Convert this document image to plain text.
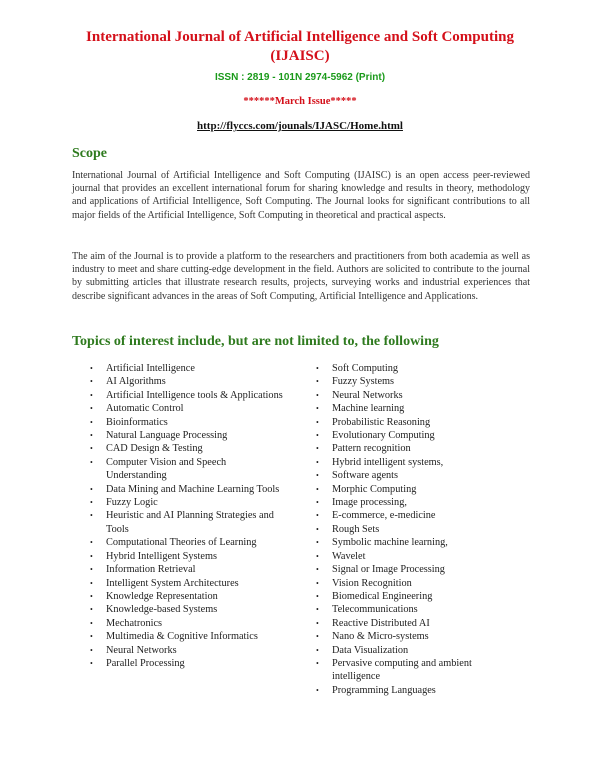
International Journal of Artificial Intelligence and Soft Computing (IJAISC)
ISSN : 2819 - 101N 2974-5962 (Print)
******March Issue*****
http://flyccs.com/jounals/IJASC/Home.html
Scope

International Journal of Artificial Intelligence and Soft Computing (IJAISC) is an open access peer-reviewed journal that provides an excellent international forum for sharing knowledge and results in theory, methodology and applications of Artificial Intelligence, Soft Computing. The Journal looks for significant contributions to all major fields of the Artificial Intelligence, Soft Computing in theoretical and practical aspects.

The aim of the Journal is to provide a platform to the researchers and practitioners from both academia as well as industry to meet and share cutting-edge development in the field. Authors are solicited to contribute to the journal by submitting articles that illustrate research results, projects, surveying works and industrial experiences that describe significant advances in the areas of Soft Computing, Artificial Intelligence and Applications.

Topics of interest include, but are not limited to, the following
• Artificial Intelligence
• AI Algorithms
• Artificial Intelligence tools & Applications
• Automatic Control
• Bioinformatics
• Natural Language Processing
• CAD Design & Testing
• Computer Vision and Speech Understanding
• Data Mining and Machine Learning Tools
• Fuzzy Logic
• Heuristic and AI Planning Strategies and Tools
• Computational Theories of Learning
• Hybrid Intelligent Systems
• Information Retrieval
• Intelligent System Architectures
• Knowledge Representation
• Knowledge-based Systems
• Mechatronics
• Multimedia & Cognitive Informatics
• Neural Networks
• Parallel Processing
• Soft Computing
• Fuzzy Systems
• Neural Networks
• Machine learning
• Probabilistic Reasoning
• Evolutionary Computing
• Pattern recognition
• Hybrid intelligent systems,
• Software agents
• Morphic Computing
• Image processing,
• E-commerce, e-medicine
• Rough Sets
• Symbolic machine learning,
• Wavelet
• Signal or Image Processing
• Vision Recognition
• Biomedical Engineering
• Telecommunications
• Reactive Distributed AI
• Nano & Micro-systems
• Data Visualization
• Pervasive computing and ambient intelligence
• Programming Languages
